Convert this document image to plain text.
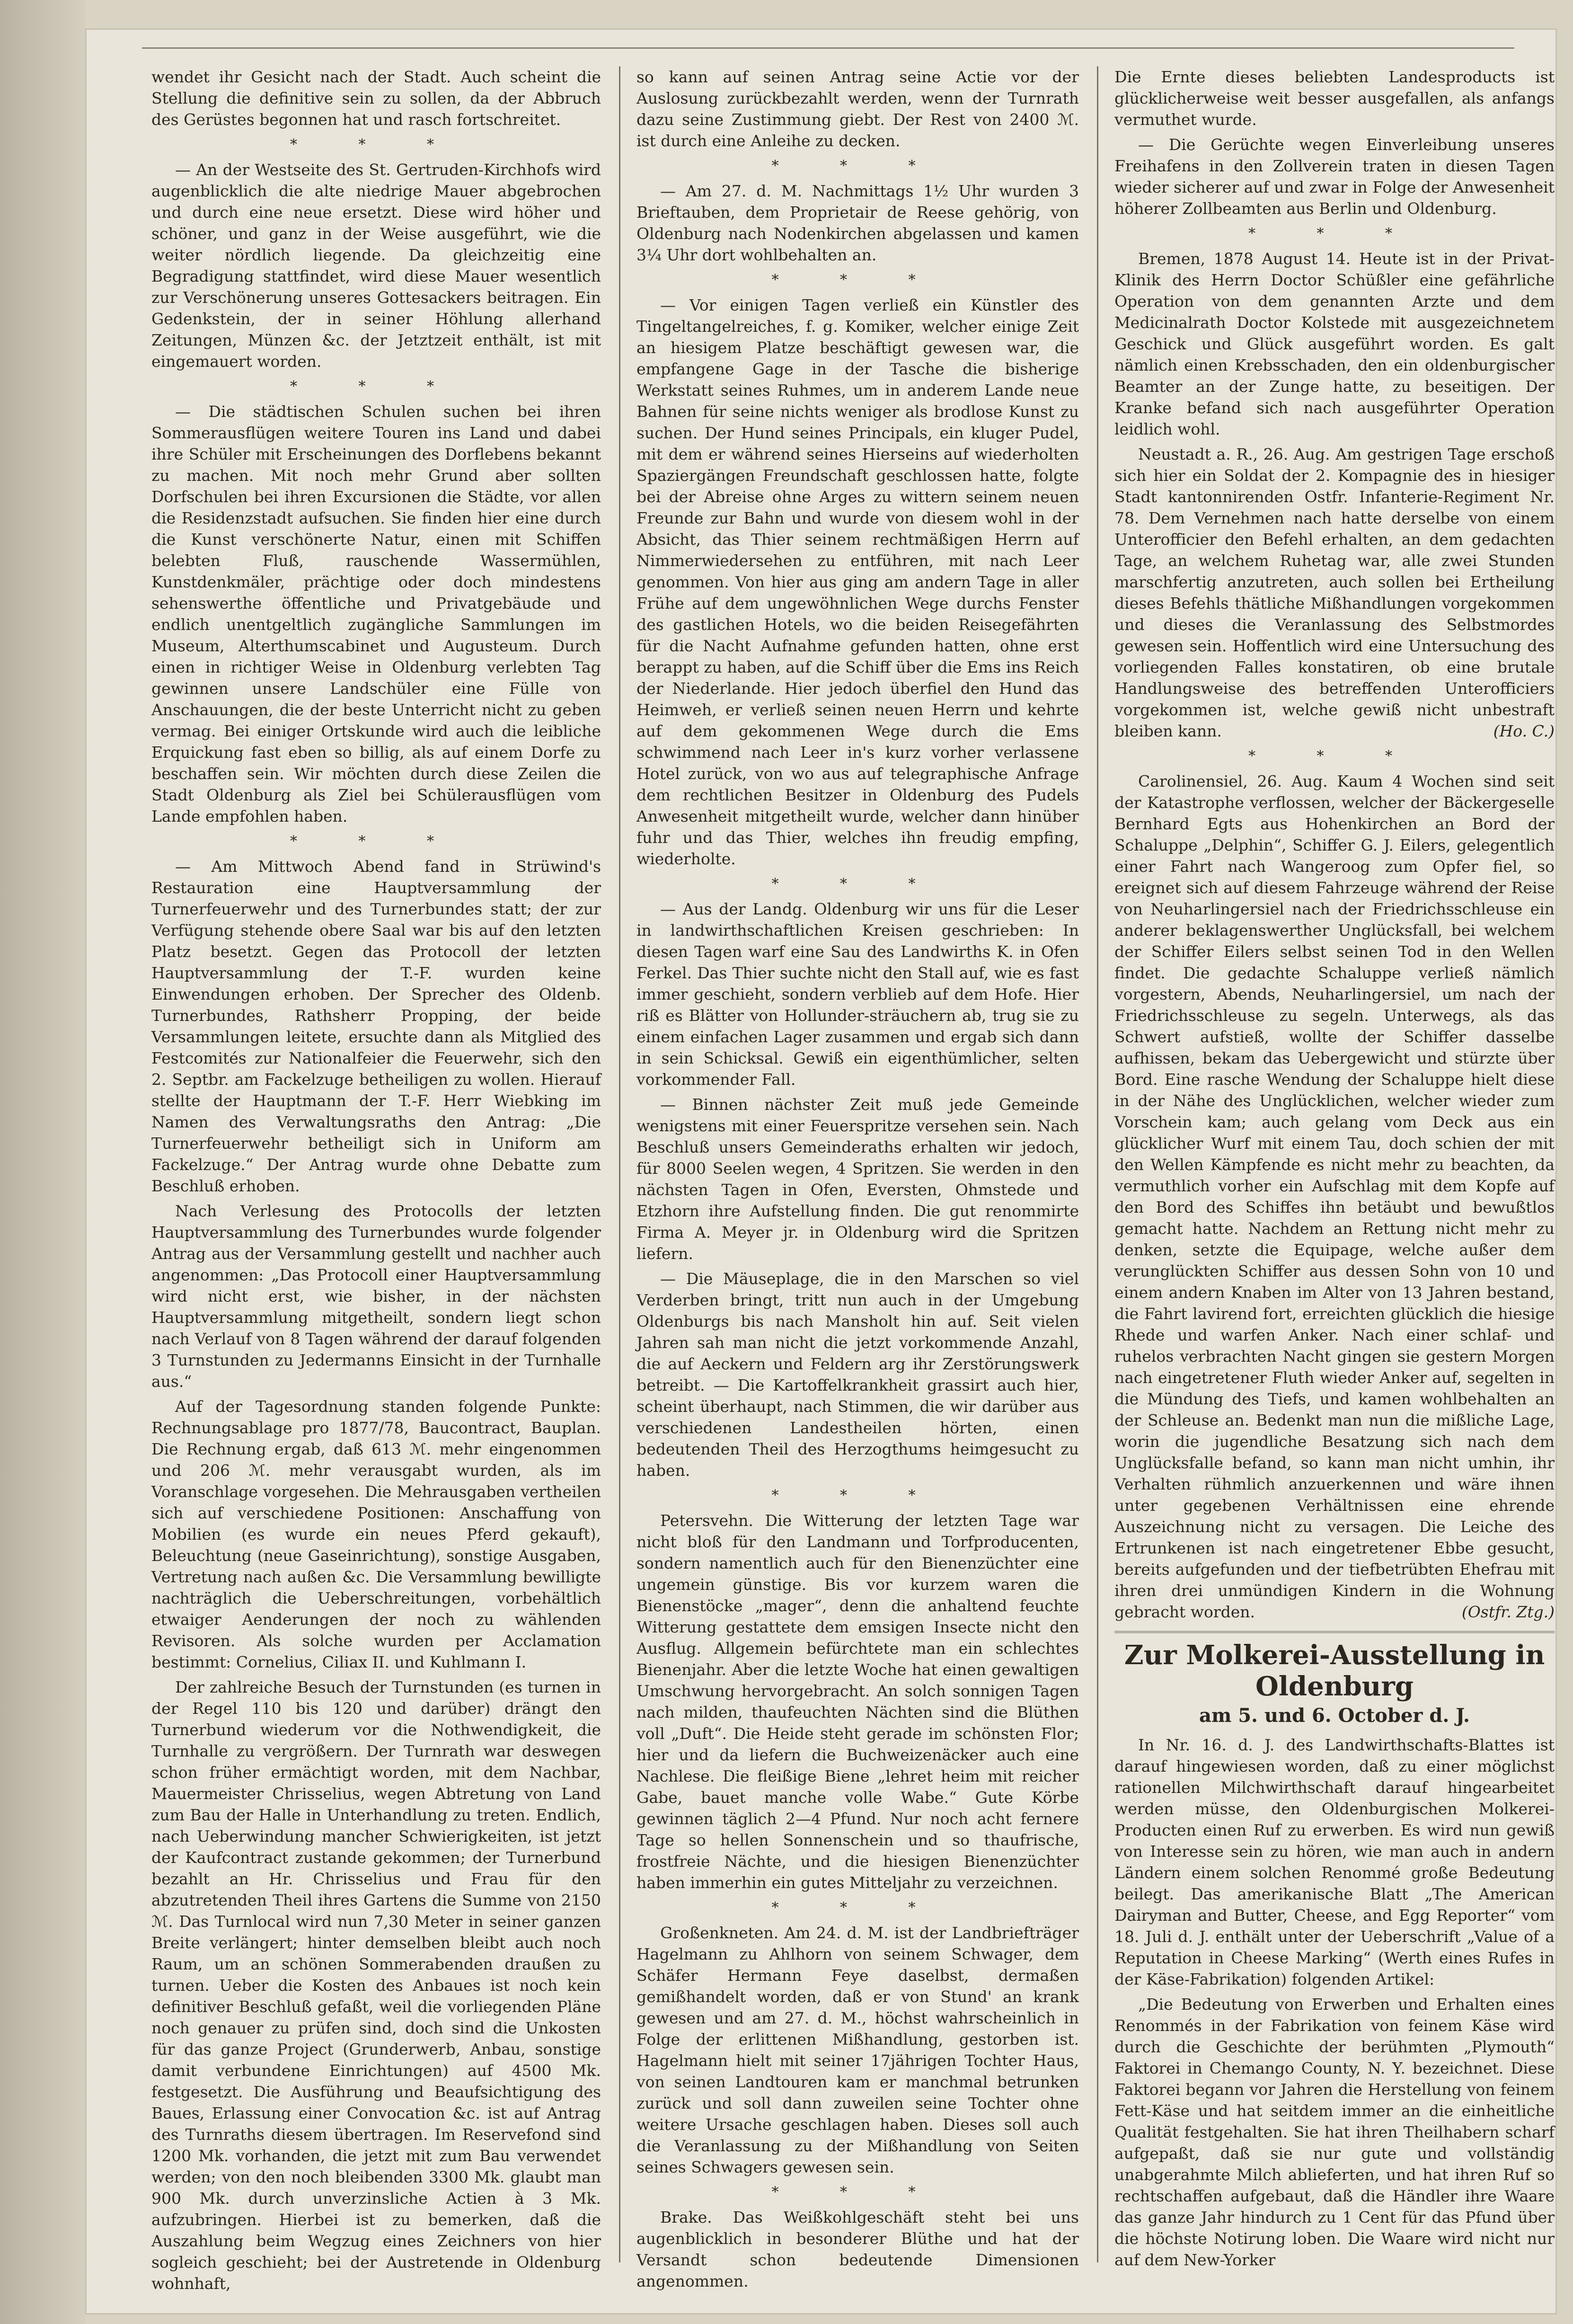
wendet ihr Gesicht nach der Stadt. Auch scheint die Stellung die definitive sein zu sollen, da der Abbruch des Gerüstes begonnen hat und rasch fortschreitet.

* * *

— An der Westseite des St. Gertruden-Kirchhofs wird augenblicklich die alte niedrige Mauer abgebrochen und durch eine neue ersetzt. Diese wird höher und schöner, und ganz in der Weise ausgeführt, wie die weiter nördlich liegende. Da gleichzeitig eine Begradigung stattfindet, wird diese Mauer wesentlich zur Verschönerung unseres Gottesackers beitragen. Ein Gedenkstein, der in seiner Höhlung allerhand Zeitungen, Münzen &c. der Jetztzeit enthält, ist mit eingemauert worden.

* * *

— Die städtischen Schulen suchen bei ihren Sommerausflügen weitere Touren ins Land und dabei ihre Schüler mit Erscheinungen des Dorflebens bekannt zu machen. Mit noch mehr Grund aber sollten Dorfschulen bei ihren Excursionen die Städte, vor allen die Residenzstadt aufsuchen. Sie finden hier eine durch die Kunst verschönerte Natur, einen mit Schiffen belebten Fluß, rauschende Wassermühlen, Kunstdenkmäler, prächtige oder doch mindestens sehenswerthe öffentliche und Privatgebäude und endlich unentgeltlich zugängliche Sammlungen im Museum, Alterthumscabinet und Augusteum. Durch einen in richtiger Weise in Oldenburg verlebten Tag gewinnen unsere Landschüler eine Fülle von Anschauungen, die der beste Unterricht nicht zu geben vermag. Bei einiger Ortskunde wird auch die leibliche Erquickung fast eben so billig, als auf einem Dorfe zu beschaffen sein. Wir möchten durch diese Zeilen die Stadt Oldenburg als Ziel bei Schülerausflügen vom Lande empfohlen haben.

* * *

— Am Mittwoch Abend fand in Strüwind's Restauration eine Hauptversammlung der Turnerfeuerwehr und des Turnerbundes statt; der zur Verfügung stehende obere Saal war bis auf den letzten Platz besetzt. Gegen das Protocoll der letzten Hauptversammlung der T.-F. wurden keine Einwendungen erhoben. Der Sprecher des Oldenb. Turnerbundes, Rathsherr Propping, der beide Versammlungen leitete, ersuchte dann als Mitglied des Festcomités zur Nationalfeier die Feuerwehr, sich den 2. Septbr. am Fackelzuge betheiligen zu wollen. Hierauf stellte der Hauptmann der T.-F. Herr Wiebking im Namen des Verwaltungsraths den Antrag: „Die Turnerfeuerwehr betheiligt sich in Uniform am Fackelzuge.“ Der Antrag wurde ohne Debatte zum Beschluß erhoben.

Nach Verlesung des Protocolls der letzten Hauptversammlung des Turnerbundes wurde folgender Antrag aus der Versammlung gestellt und nachher auch angenommen: „Das Protocoll einer Hauptversammlung wird nicht erst, wie bisher, in der nächsten Hauptversammlung mitgetheilt, sondern liegt schon nach Verlauf von 8 Tagen während der darauf folgenden 3 Turnstunden zu Jedermanns Einsicht in der Turnhalle aus.“

Auf der Tagesordnung standen folgende Punkte: Rechnungsablage pro 1877/78, Baucontract, Bauplan. Die Rechnung ergab, daß 613 ℳ. mehr eingenommen und 206 ℳ. mehr verausgabt wurden, als im Voranschlage vorgesehen. Die Mehrausgaben vertheilen sich auf verschiedene Positionen: Anschaffung von Mobilien (es wurde ein neues Pferd gekauft), Beleuchtung (neue Gaseinrichtung), sonstige Ausgaben, Vertretung nach außen &c. Die Versammlung bewilligte nachträglich die Ueberschreitungen, vorbehältlich etwaiger Aenderungen der noch zu wählenden Revisoren. Als solche wurden per Acclamation bestimmt: Cornelius, Ciliax II. und Kuhlmann I.

Der zahlreiche Besuch der Turnstunden (es turnen in der Regel 110 bis 120 und darüber) drängt den Turnerbund wiederum vor die Nothwendigkeit, die Turnhalle zu vergrößern. Der Turnrath war deswegen schon früher ermächtigt worden, mit dem Nachbar, Mauermeister Chrisselius, wegen Abtretung von Land zum Bau der Halle in Unterhandlung zu treten. Endlich, nach Ueberwindung mancher Schwierigkeiten, ist jetzt der Kaufcontract zustande gekommen; der Turnerbund bezahlt an Hr. Chrisselius und Frau für den abzutretenden Theil ihres Gartens die Summe von 2150 ℳ. Das Turnlocal wird nun 7,30 Meter in seiner ganzen Breite verlängert; hinter demselben bleibt auch noch Raum, um an schönen Sommerabenden draußen zu turnen. Ueber die Kosten des Anbaues ist noch kein definitiver Beschluß gefaßt, weil die vorliegenden Pläne noch genauer zu prüfen sind, doch sind die Unkosten für das ganze Project (Grunderwerb, Anbau, sonstige damit verbundene Einrichtungen) auf 4500 Mk. festgesetzt. Die Ausführung und Beaufsichtigung des Baues, Erlassung einer Convocation &c. ist auf Antrag des Turnraths diesem übertragen. Im Reservefond sind 1200 Mk. vorhanden, die jetzt mit zum Bau verwendet werden; von den noch bleibenden 3300 Mk. glaubt man 900 Mk. durch unverzinsliche Actien à 3 Mk. aufzubringen. Hierbei ist zu bemerken, daß die Auszahlung beim Wegzug eines Zeichners von hier sogleich geschieht; bei der Austretende in Oldenburg wohnhaft,

so kann auf seinen Antrag seine Actie vor der Auslosung zurückbezahlt werden, wenn der Turnrath dazu seine Zustimmung giebt. Der Rest von 2400 ℳ. ist durch eine Anleihe zu decken.

* * *

— Am 27. d. M. Nachmittags 1½ Uhr wurden 3 Brieftauben, dem Proprietair de Reese gehörig, von Oldenburg nach Nodenkirchen abgelassen und kamen 3¼ Uhr dort wohlbehalten an.

* * *

— Vor einigen Tagen verließ ein Künstler des Tingeltangelreiches, f. g. Komiker, welcher einige Zeit an hiesigem Platze beschäftigt gewesen war, die empfangene Gage in der Tasche die bisherige Werkstatt seines Ruhmes, um in anderem Lande neue Bahnen für seine nichts weniger als brodlose Kunst zu suchen. Der Hund seines Principals, ein kluger Pudel, mit dem er während seines Hierseins auf wiederholten Spaziergängen Freundschaft geschlossen hatte, folgte bei der Abreise ohne Arges zu wittern seinem neuen Freunde zur Bahn und wurde von diesem wohl in der Absicht, das Thier seinem rechtmäßigen Herrn auf Nimmerwiedersehen zu entführen, mit nach Leer genommen. Von hier aus ging am andern Tage in aller Frühe auf dem ungewöhnlichen Wege durchs Fenster des gastlichen Hotels, wo die beiden Reisegefährten für die Nacht Aufnahme gefunden hatten, ohne erst berappt zu haben, auf die Schiff über die Ems ins Reich der Niederlande. Hier jedoch überfiel den Hund das Heimweh, er verließ seinen neuen Herrn und kehrte auf dem gekommenen Wege durch die Ems schwimmend nach Leer in's kurz vorher verlassene Hotel zurück, von wo aus auf telegraphische Anfrage dem rechtlichen Besitzer in Oldenburg des Pudels Anwesenheit mitgetheilt wurde, welcher dann hinüber fuhr und das Thier, welches ihn freudig empfing, wiederholte.

* * *

— Aus der Landg. Oldenburg wir uns für die Leser in landwirthschaftlichen Kreisen geschrieben: In diesen Tagen warf eine Sau des Landwirths K. in Ofen Ferkel. Das Thier suchte nicht den Stall auf, wie es fast immer geschieht, sondern verblieb auf dem Hofe. Hier riß es Blätter von Hollunder-sträuchern ab, trug sie zu einem einfachen Lager zusammen und ergab sich dann in sein Schicksal. Gewiß ein eigenthümlicher, selten vorkommender Fall.

— Binnen nächster Zeit muß jede Gemeinde wenigstens mit einer Feuerspritze versehen sein. Nach Beschluß unsers Gemeinderaths erhalten wir jedoch, für 8000 Seelen wegen, 4 Spritzen. Sie werden in den nächsten Tagen in Ofen, Eversten, Ohmstede und Etzhorn ihre Aufstellung finden. Die gut renommirte Firma A. Meyer jr. in Oldenburg wird die Spritzen liefern.

— Die Mäuseplage, die in den Marschen so viel Verderben bringt, tritt nun auch in der Umgebung Oldenburgs bis nach Mansholt hin auf. Seit vielen Jahren sah man nicht die jetzt vorkommende Anzahl, die auf Aeckern und Feldern arg ihr Zerstörungswerk betreibt. — Die Kartoffelkrankheit grassirt auch hier, scheint überhaupt, nach Stimmen, die wir darüber aus verschiedenen Landestheilen hörten, einen bedeutenden Theil des Herzogthums heimgesucht zu haben.

* * *

Petersvehn. Die Witterung der letzten Tage war nicht bloß für den Landmann und Torfproducenten, sondern namentlich auch für den Bienenzüchter eine ungemein günstige. Bis vor kurzem waren die Bienenstöcke „mager“, denn die anhaltend feuchte Witterung gestattete dem emsigen Insecte nicht den Ausflug. Allgemein befürchtete man ein schlechtes Bienenjahr. Aber die letzte Woche hat einen gewaltigen Umschwung hervorgebracht. An solch sonnigen Tagen nach milden, thaufeuchten Nächten sind die Blüthen voll „Duft“. Die Heide steht gerade im schönsten Flor; hier und da liefern die Buchweizenäcker auch eine Nachlese. Die fleißige Biene „lehret heim mit reicher Gabe, bauet manche volle Wabe.“ Gute Körbe gewinnen täglich 2—4 Pfund. Nur noch acht fernere Tage so hellen Sonnenschein und so thaufrische, frostfreie Nächte, und die hiesigen Bienenzüchter haben immerhin ein gutes Mitteljahr zu verzeichnen.

* * *

Großenkneten. Am 24. d. M. ist der Landbriefträger Hagelmann zu Ahlhorn von seinem Schwager, dem Schäfer Hermann Feye daselbst, dermaßen gemißhandelt worden, daß er von Stund' an krank gewesen und am 27. d. M., höchst wahrscheinlich in Folge der erlittenen Mißhandlung, gestorben ist. Hagelmann hielt mit seiner 17jährigen Tochter Haus, von seinen Landtouren kam er manchmal betrunken zurück und soll dann zuweilen seine Tochter ohne weitere Ursache geschlagen haben. Dieses soll auch die Veranlassung zu der Mißhandlung von Seiten seines Schwagers gewesen sein.

* * *

Brake. Das Weißkohlgeschäft steht bei uns augenblicklich in besonderer Blüthe und hat der Versandt schon bedeutende Dimensionen angenommen.

Die Ernte dieses beliebten Landesproducts ist glücklicherweise weit besser ausgefallen, als anfangs vermuthet wurde.

— Die Gerüchte wegen Einverleibung unseres Freihafens in den Zollverein traten in diesen Tagen wieder sicherer auf und zwar in Folge der Anwesenheit höherer Zollbeamten aus Berlin und Oldenburg.

* * *

Bremen, 1878 August 14. Heute ist in der Privat-Klinik des Herrn Doctor Schüßler eine gefährliche Operation von dem genannten Arzte und dem Medicinalrath Doctor Kolstede mit ausgezeichnetem Geschick und Glück ausgeführt worden. Es galt nämlich einen Krebsschaden, den ein oldenburgischer Beamter an der Zunge hatte, zu beseitigen. Der Kranke befand sich nach ausgeführter Operation leidlich wohl.

Neustadt a. R., 26. Aug. Am gestrigen Tage erschoß sich hier ein Soldat der 2. Kompagnie des in hiesiger Stadt kantonnirenden Ostfr. Infanterie-Regiment Nr. 78. Dem Vernehmen nach hatte derselbe von einem Unterofficier den Befehl erhalten, an dem gedachten Tage, an welchem Ruhetag war, alle zwei Stunden marschfertig anzutreten, auch sollen bei Ertheilung dieses Befehls thätliche Mißhandlungen vorgekommen und dieses die Veranlassung des Selbstmordes gewesen sein. Hoffentlich wird eine Untersuchung des vorliegenden Falles konstatiren, ob eine brutale Handlungsweise des betreffenden Unterofficiers vorgekommen ist, welche gewiß nicht unbestraft bleiben kann.	(Ho. C.)

* * *

Carolinensiel, 26. Aug. Kaum 4 Wochen sind seit der Katastrophe verflossen, welcher der Bäckergeselle Bernhard Egts aus Hohenkirchen an Bord der Schaluppe „Delphin“, Schiffer G. J. Eilers, gelegentlich einer Fahrt nach Wangeroog zum Opfer fiel, so ereignet sich auf diesem Fahrzeuge während der Reise von Neuharlingersiel nach der Friedrichsschleuse ein anderer beklagenswerther Unglücksfall, bei welchem der Schiffer Eilers selbst seinen Tod in den Wellen findet. Die gedachte Schaluppe verließ nämlich vorgestern, Abends, Neuharlingersiel, um nach der Friedrichsschleuse zu segeln. Unterwegs, als das Schwert aufstieß, wollte der Schiffer dasselbe aufhissen, bekam das Uebergewicht und stürzte über Bord. Eine rasche Wendung der Schaluppe hielt diese in der Nähe des Unglücklichen, welcher wieder zum Vorschein kam; auch gelang vom Deck aus ein glücklicher Wurf mit einem Tau, doch schien der mit den Wellen Kämpfende es nicht mehr zu beachten, da vermuthlich vorher ein Aufschlag mit dem Kopfe auf den Bord des Schiffes ihn betäubt und bewußtlos gemacht hatte. Nachdem an Rettung nicht mehr zu denken, setzte die Equipage, welche außer dem verunglückten Schiffer aus dessen Sohn von 10 und einem andern Knaben im Alter von 13 Jahren bestand, die Fahrt lavirend fort, erreichten glücklich die hiesige Rhede und warfen Anker. Nach einer schlaf- und ruhelos verbrachten Nacht gingen sie gestern Morgen nach eingetretener Fluth wieder Anker auf, segelten in die Mündung des Tiefs, und kamen wohlbehalten an der Schleuse an. Bedenkt man nun die mißliche Lage, worin die jugendliche Besatzung sich nach dem Unglücksfalle befand, so kann man nicht umhin, ihr Verhalten rühmlich anzuerkennen und wäre ihnen unter gegebenen Verhältnissen eine ehrende Auszeichnung nicht zu versagen. Die Leiche des Ertrunkenen ist nach eingetretener Ebbe gesucht, bereits aufgefunden und der tiefbetrübten Ehefrau mit ihren drei unmündigen Kindern in die Wohnung gebracht worden.	(Ostfr. Ztg.)

Zur Molkerei-Ausstellung in Oldenburg
am 5. und 6. October d. J.

In Nr. 16. d. J. des Landwirthschafts-Blattes ist darauf hingewiesen worden, daß zu einer möglichst rationellen Milchwirthschaft darauf hingearbeitet werden müsse, den Oldenburgischen Molkerei-Producten einen Ruf zu erwerben. Es wird nun gewiß von Interesse sein zu hören, wie man auch in andern Ländern einem solchen Renommé große Bedeutung beilegt. Das amerikanische Blatt „The American Dairyman and Butter, Cheese, and Egg Reporter“ vom 18. Juli d. J. enthält unter der Ueberschrift „Value of a Reputation in Cheese Marking“ (Werth eines Rufes in der Käse-Fabrikation) folgenden Artikel:

„Die Bedeutung von Erwerben und Erhalten eines Renommés in der Fabrikation von feinem Käse wird durch die Geschichte der berühmten „Plymouth“ Faktorei in Chemango County, N. Y. bezeichnet. Diese Faktorei begann vor Jahren die Herstellung von feinem Fett-Käse und hat seitdem immer an die einheitliche Qualität festgehalten. Sie hat ihren Theilhabern scharf aufgepaßt, daß sie nur gute und vollständig unabgerahmte Milch ablieferten, und hat ihren Ruf so rechtschaffen aufgebaut, daß die Händler ihre Waare das ganze Jahr hindurch zu 1 Cent für das Pfund über die höchste Notirung loben. Die Waare wird nicht nur auf dem New-Yorker
